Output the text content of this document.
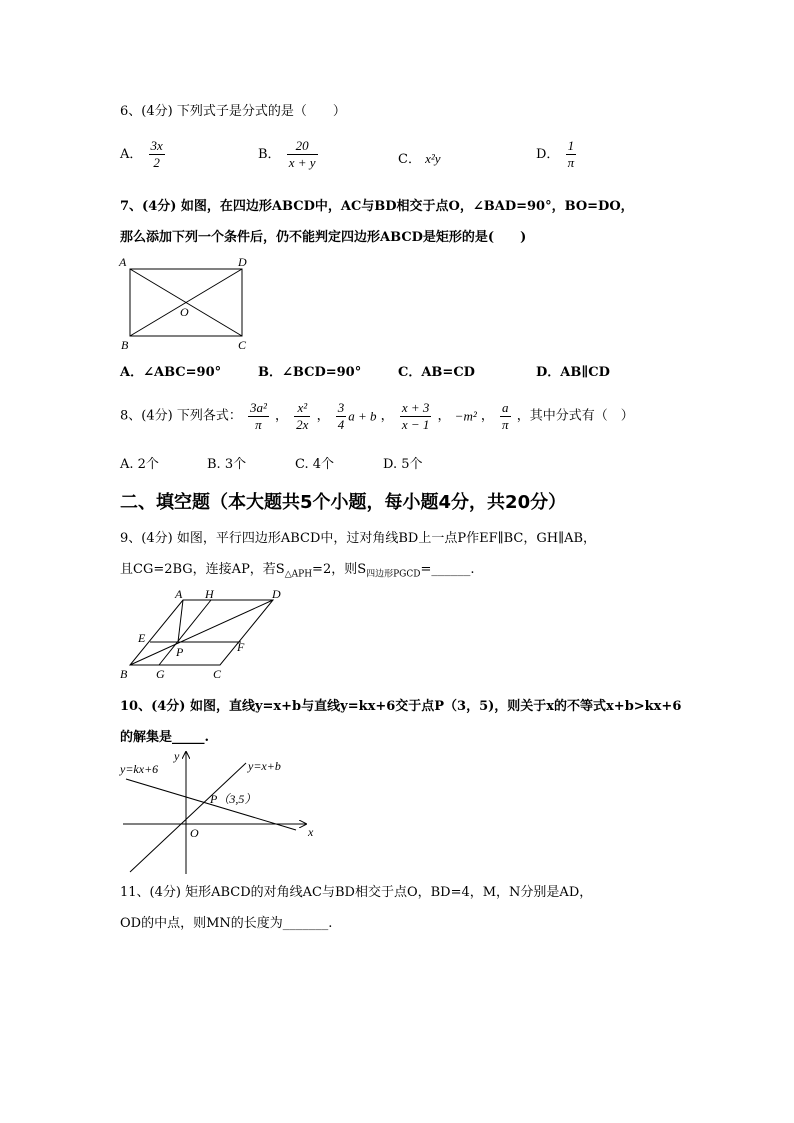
6、(4分) 下列式子是分式的是（　　）
A． $\frac{3x}{2}$	B． $\frac{20}{x + y}$	C． x²y	D． $\frac{1}{\pi}$
7、(4分) 如图，在四边形ABCD中，AC与BD相交于点O，∠BAD=90°，BO=DO，
那么添加下列一个条件后，仍不能判定四边形ABCD是矩形的是(　　)
A	D
B	C
O
A．∠ABC=90°	B．∠BCD=90°	C．AB=CD	D．AB∥CD
8、(4分) 下列各式： $\frac{\text{3a²}}{\pi}$ ， $\frac{\text{x²}}{2x}$ ， $\frac{3}{4}$ a + b ， $\frac{x + 3}{x - 1}$ ， −m² ， $\frac{a}{\pi}$ ，其中分式有（　）
A. 2个	B. 3个	C. 4个	D. 5个
二、填空题（本大题共5个小题，每小题4分，共20分）
9、(4分) 如图，平行四边形ABCD中，过对角线BD上一点P作EF∥BC，GH∥AB，
且CG=2BG，连接AP，若$S_{\triangle APH}=2$，则$S_{四边形PGCD}=\_\_\_\_\_\_$.
A H	D
E
P	F
B G	C
10、(4分) 如图，直线y=x+b与直线y=kx+6交于点P（3，5)，则关于x的不等式x+b>kx+6
的解集是_____.
y
x
y=kx+6	y=x+b
P（3,5）
O
11、(4分) 矩形ABCD的对角线AC与BD相交于点O，BD=4，M，N分别是AD，
OD的中点，则MN的长度为_______.
